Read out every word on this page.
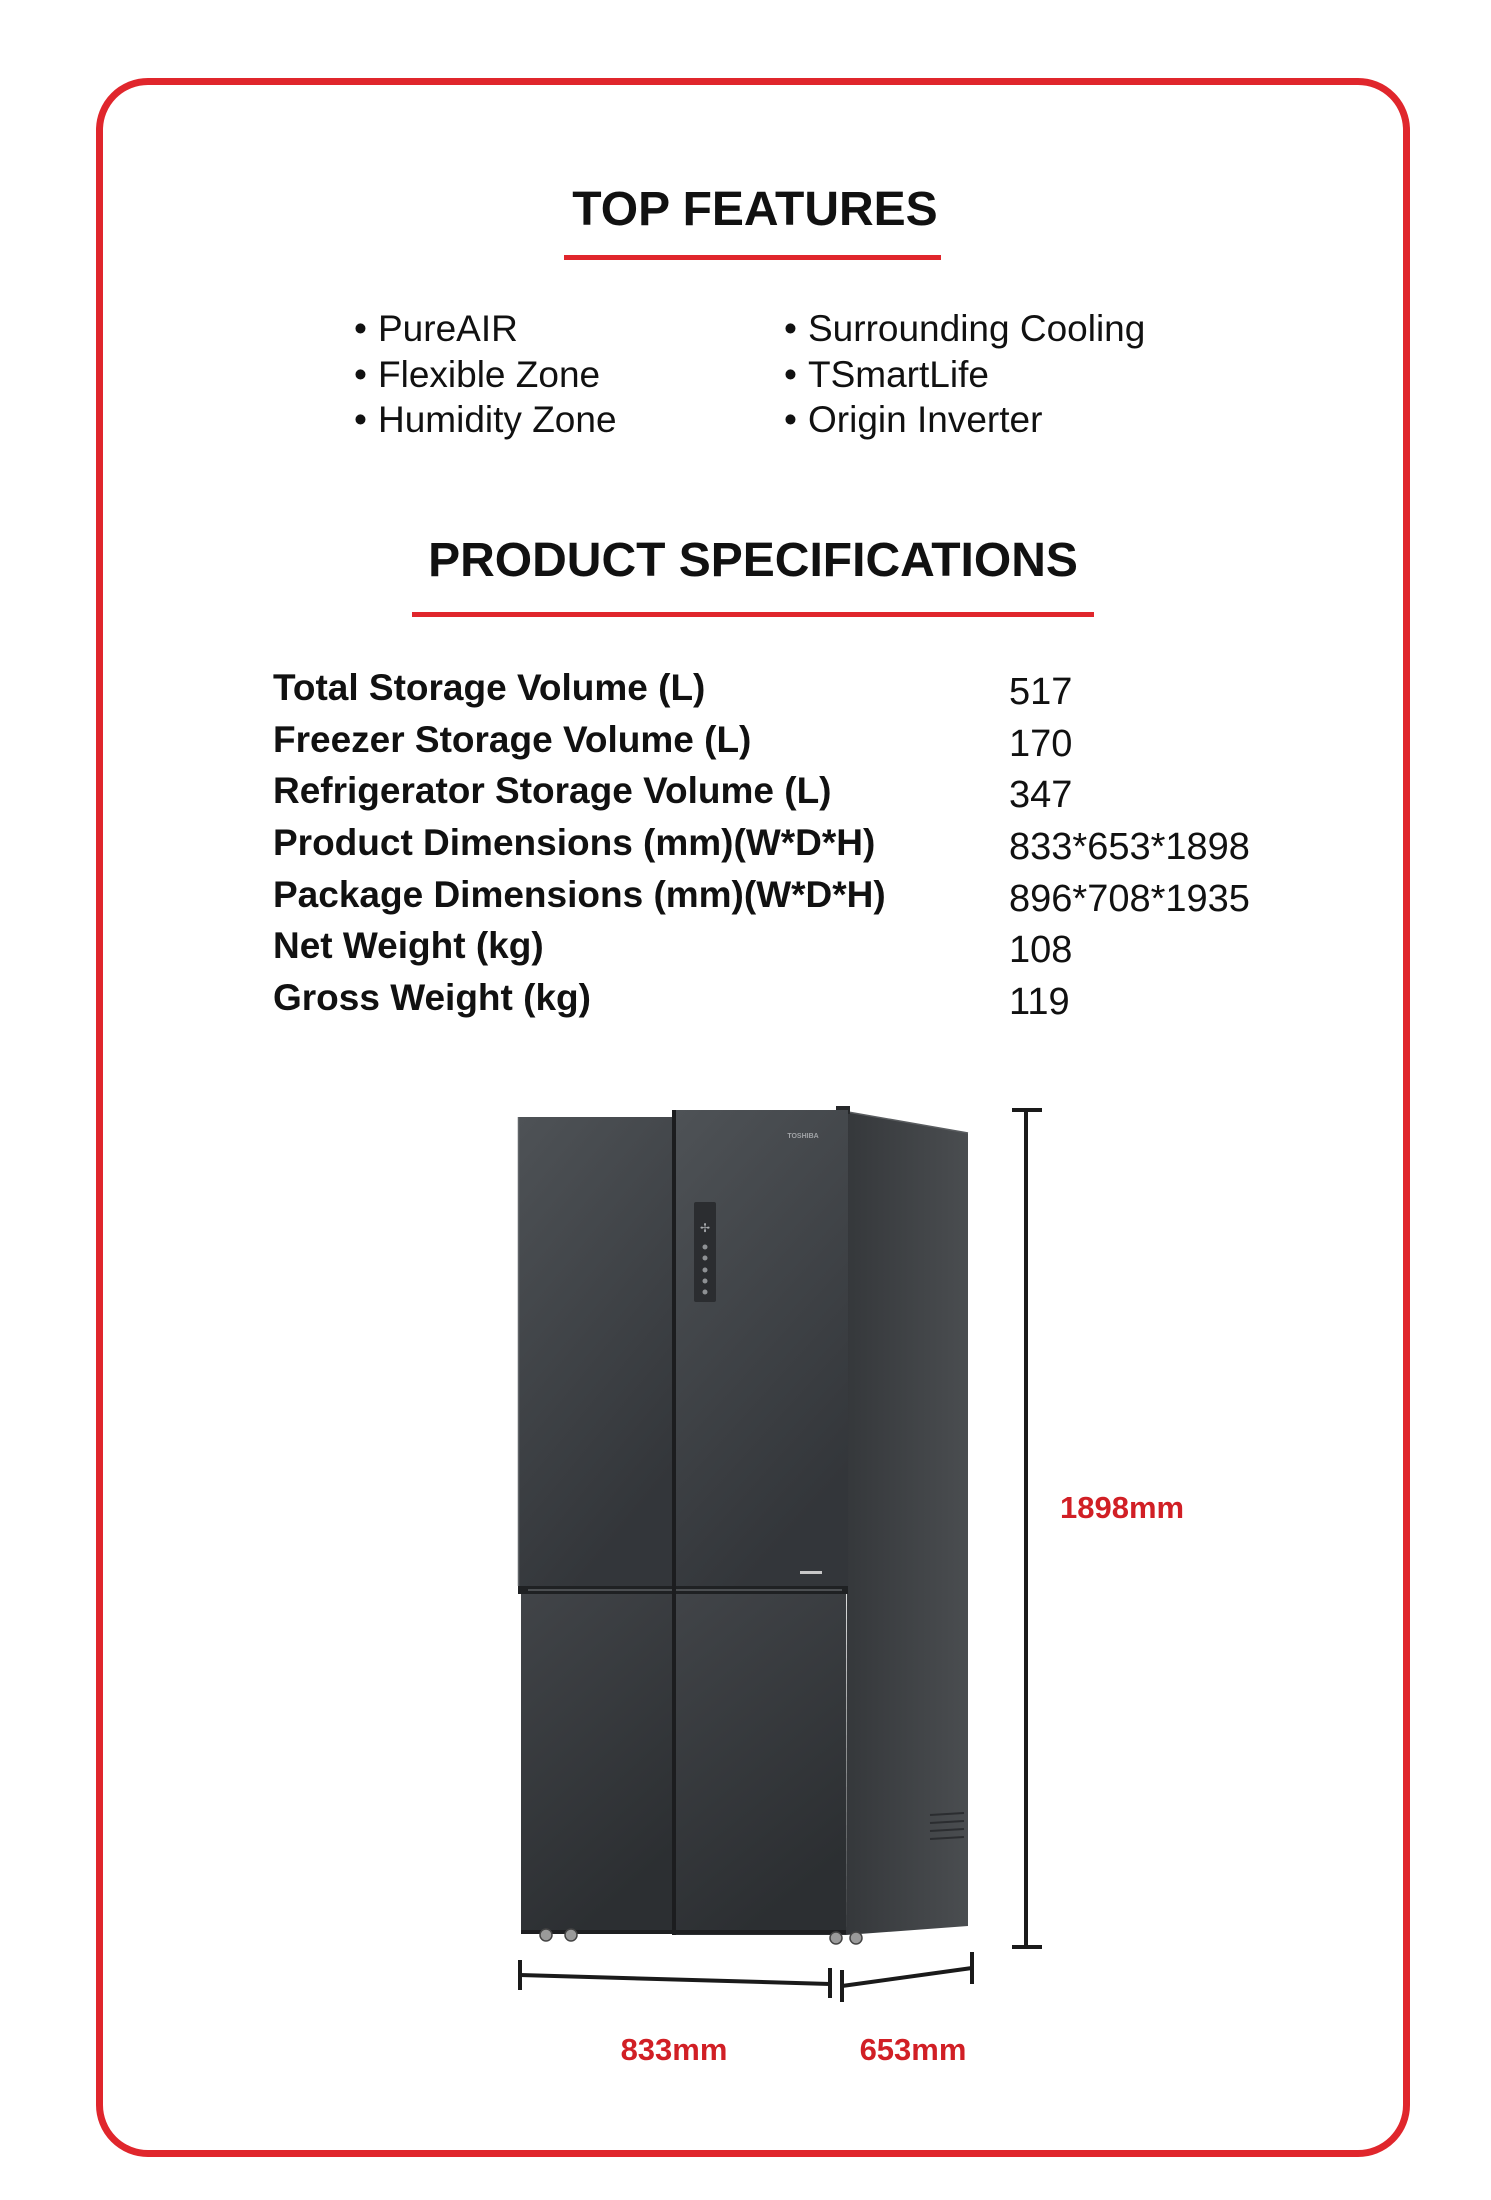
TOP FEATURES
•
PureAIR
•
Flexible Zone
•
Humidity Zone
•
Surrounding Cooling
•
TSmartLife
•
Origin Inverter
PRODUCT SPECIFICATIONS
Total Storage Volume (L)	517
Freezer Storage Volume (L)	170
Refrigerator Storage Volume (L)	347
Product Dimensions (mm)(W*D*H)	833*653*1898
Package Dimensions (mm)(W*D*H)	896*708*1935
Net Weight (kg)	108
Gross Weight (kg)	119
✢
TOSHIBA
1898mm
833mm	653mm
